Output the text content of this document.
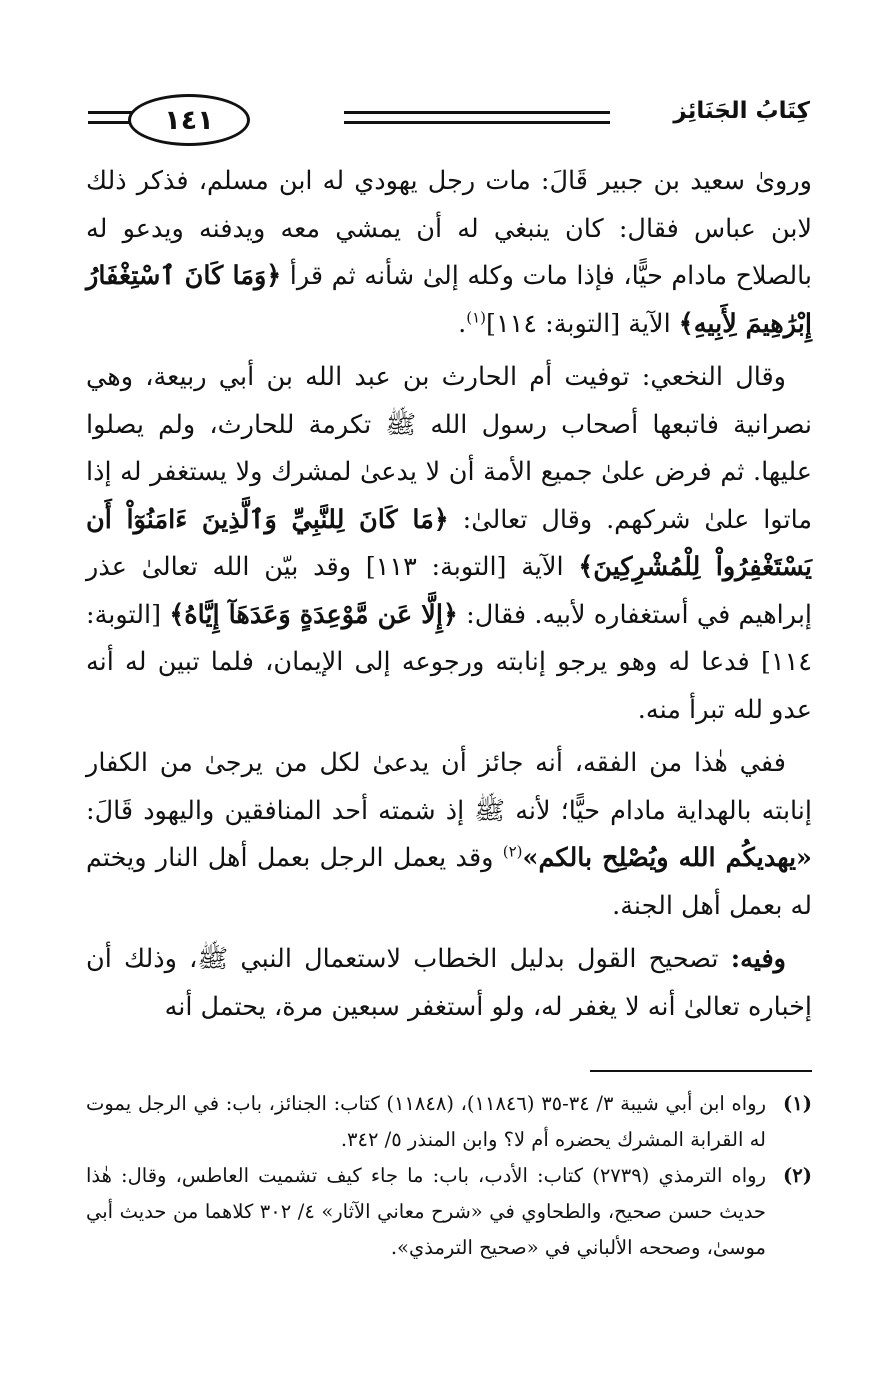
١٤١	كِتَابُ الجَنَائِز

وروىٰ سعيد بن جبير قَالَ: مات رجل يهودي له ابن مسلم، فذكر ذلك لابن عباس فقال: كان ينبغي له أن يمشي معه ويدفنه ويدعو له بالصلاح مادام حيًّا، فإذا مات وكله إلىٰ شأنه ثم قرأ ﴿وَمَا كَانَ ٱسْتِغْفَارُ إِبْرَٰهِيمَ لِأَبِيهِ﴾ الآية [التوبة: ١١٤]$^{(١)}$.

وقال النخعي: توفيت أم الحارث بن عبد الله بن أبي ربيعة، وهي نصرانية فاتبعها أصحاب رسول الله ﷺ تكرمة للحارث، ولم يصلوا عليها. ثم فرض علىٰ جميع الأمة أن لا يدعىٰ لمشرك ولا يستغفر له إذا ماتوا علىٰ شركهم. وقال تعالىٰ: ﴿مَا كَانَ لِلنَّبِيِّ وَٱلَّذِينَ ءَامَنُوٓاْ أَن يَسْتَغْفِرُواْ لِلْمُشْرِكِينَ﴾ الآية [التوبة: ١١٣] وقد بيّن الله تعالىٰ عذر إبراهيم في أستغفاره لأبيه. فقال: ﴿إِلَّا عَن مَّوْعِدَةٍ وَعَدَهَآ إِيَّاهُ﴾ [التوبة: ١١٤] فدعا له وهو يرجو إنابته ورجوعه إلى الإيمان، فلما تبين له أنه عدو لله تبرأ منه.

ففي هٰذا من الفقه، أنه جائز أن يدعىٰ لكل من يرجىٰ من الكفار إنابته بالهداية مادام حيًّا؛ لأنه ﷺ إذ شمته أحد المنافقين واليهود قَالَ: «يهديكُم الله ويُصْلِح بالكم»$^{(٢)}$ وقد يعمل الرجل بعمل أهل النار ويختم له بعمل أهل الجنة.

وفيه: تصحيح القول بدليل الخطاب لاستعمال النبي ﷺ، وذلك أن إخباره تعالىٰ أنه لا يغفر له، ولو أستغفر سبعين مرة، يحتمل أنه

(١)
رواه ابن أبي شيبة ٣/ ٣٤-٣٥ (١١٨٤٦)، (١١٨٤٨) كتاب: الجنائز، باب: في الرجل يموت له القرابة المشرك يحضره أم لا؟ وابن المنذر ٥/ ٣٤٢.
(٢)
رواه الترمذي (٢٧٣٩) كتاب: الأدب، باب: ما جاء كيف تشميت العاطس، وقال: هٰذا حديث حسن صحيح، والطحاوي في «شرح معاني الآثار» ٤/ ٣٠٢ كلاهما من حديث أبي موسىٰ، وصححه الألباني في «صحيح الترمذي».
